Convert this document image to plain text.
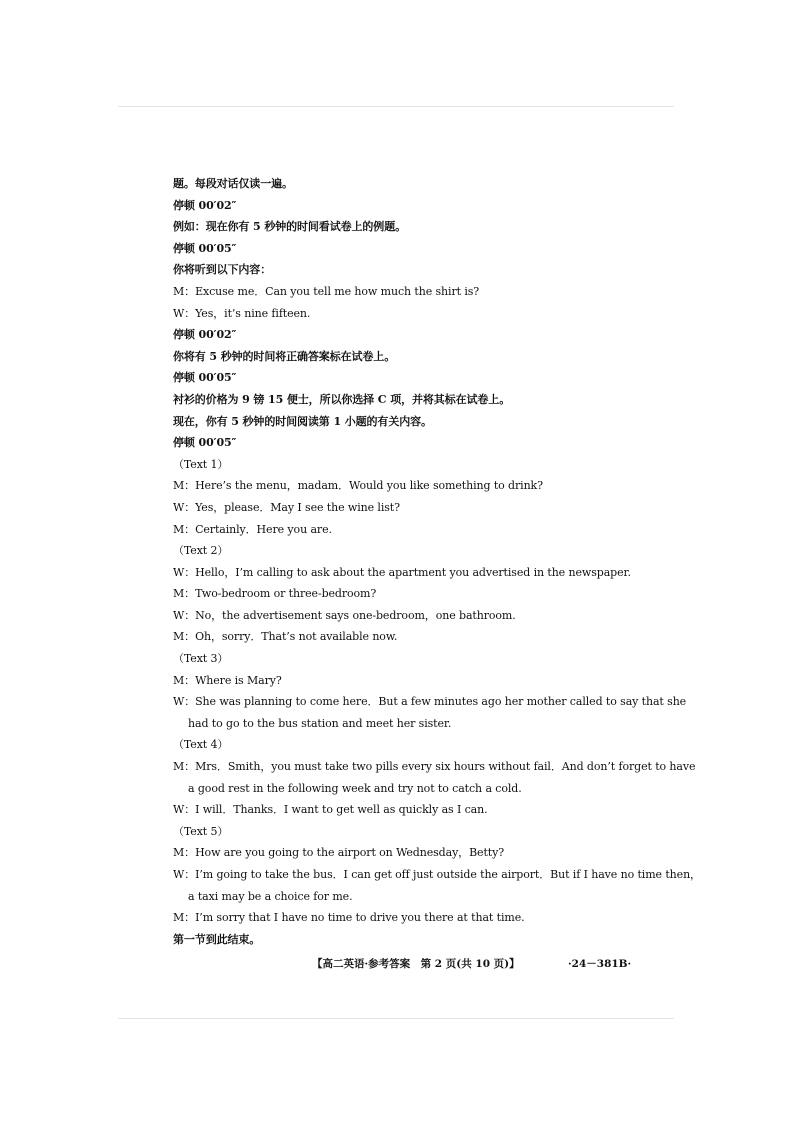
题。每段对话仅读一遍。
停顿 00′02″
例如：现在你有 5 秒钟的时间看试卷上的例题。
停顿 00′05″
你将听到以下内容：
M：Excuse me．Can you tell me how much the shirt is?
W：Yes，it’s nine fifteen.
停顿 00′02″
你将有 5 秒钟的时间将正确答案标在试卷上。
停顿 00′05″
衬衫的价格为 9 镑 15 便士，所以你选择 C 项，并将其标在试卷上。
现在，你有 5 秒钟的时间阅读第 1 小题的有关内容。
停顿 00′05″
（Text 1）
M：Here’s the menu，madam．Would you like something to drink?
W：Yes，please．May I see the wine list?
M：Certainly．Here you are.
（Text 2）
W：Hello，I’m calling to ask about the apartment you advertised in the newspaper.
M：Two-bedroom or three-bedroom?
W：No，the advertisement says one-bedroom，one bathroom.
M：Oh，sorry．That’s not available now.
（Text 3）
M：Where is Mary?
W：She was planning to come here．But a few minutes ago her mother called to say that she
had to go to the bus station and meet her sister.
（Text 4）
M：Mrs．Smith，you must take two pills every six hours without fail．And don’t forget to have
a good rest in the following week and try not to catch a cold.
W：I will．Thanks．I want to get well as quickly as I can.
（Text 5）
M：How are you going to the airport on Wednesday，Betty?
W：I’m going to take the bus．I can get off just outside the airport．But if I have no time then，
a taxi may be a choice for me.
M：I’m sorry that I have no time to drive you there at that time.
第一节到此结束。
【高二英语·参考答案　第 2 页(共 10 页)】	·24－381B·
